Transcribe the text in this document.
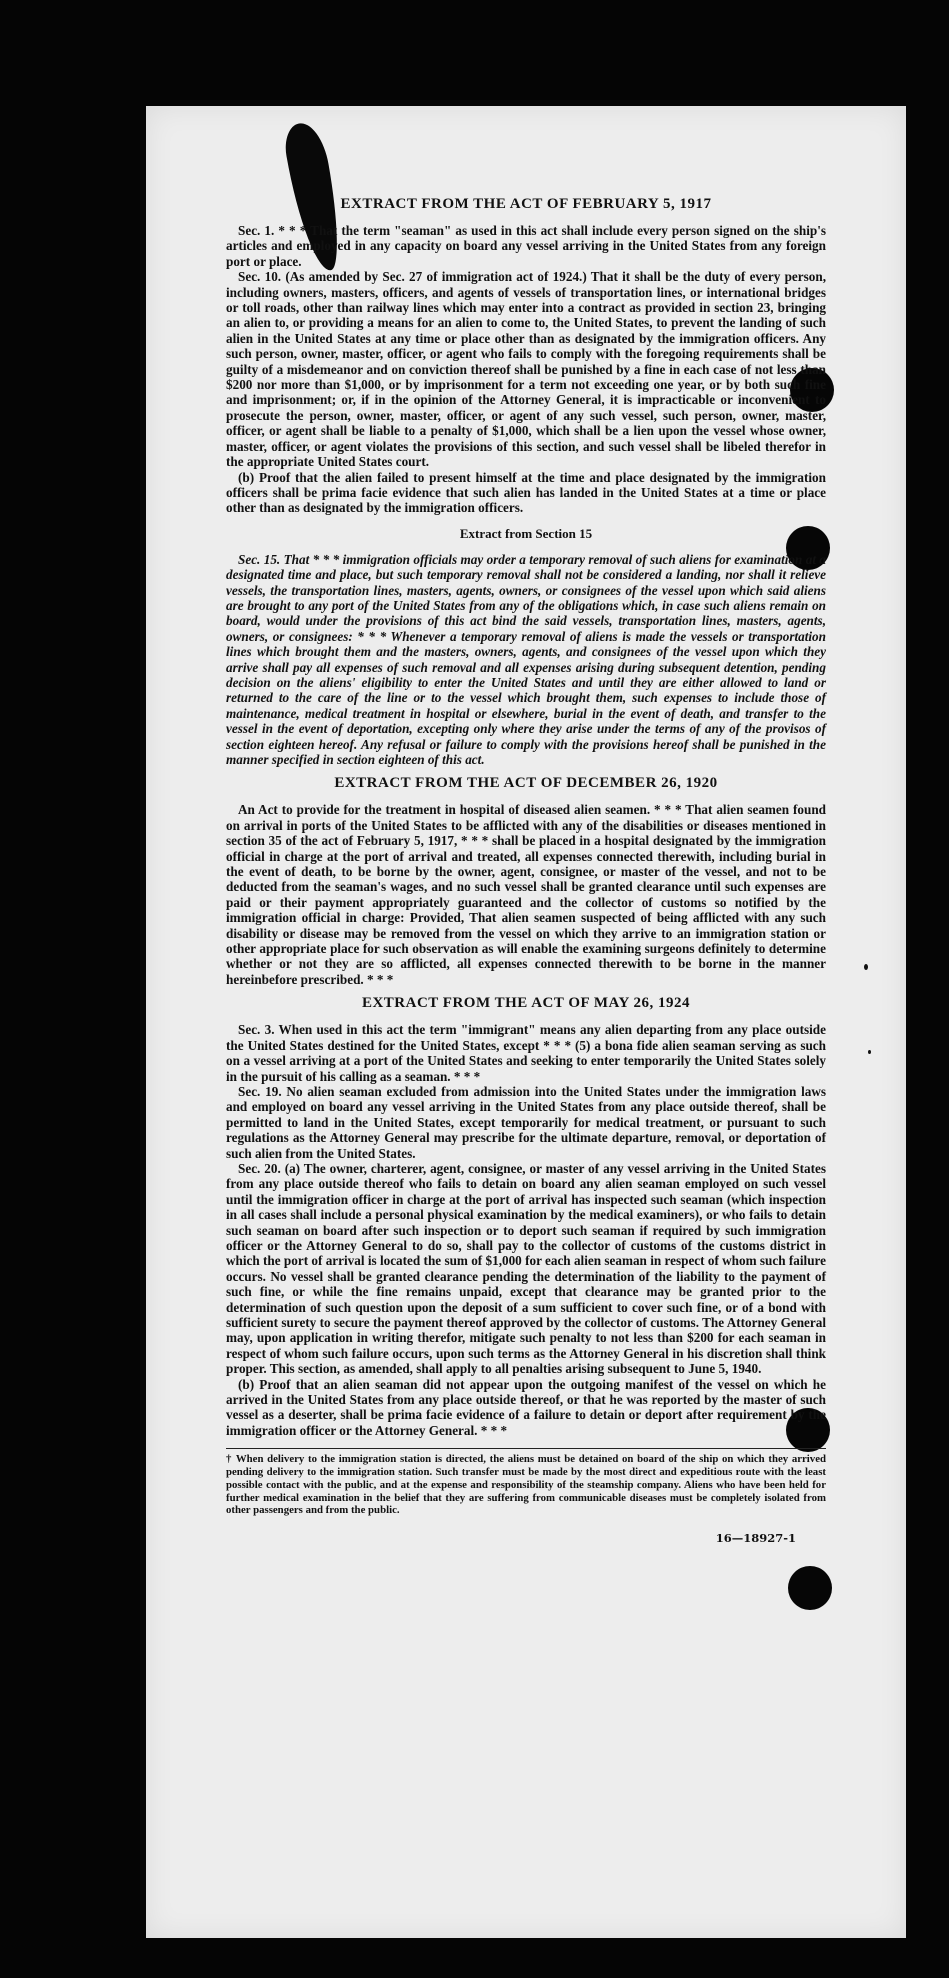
EXTRACT FROM THE ACT OF FEBRUARY 5, 1917

Sec. 1. * * * That the term "seaman" as used in this act shall include every person signed on the ship's articles and employed in any capacity on board any vessel arriving in the United States from any foreign port or place.

Sec. 10. (As amended by Sec. 27 of immigration act of 1924.) That it shall be the duty of every person, including owners, masters, officers, and agents of vessels of transportation lines, or international bridges or toll roads, other than railway lines which may enter into a contract as provided in section 23, bringing an alien to, or providing a means for an alien to come to, the United States, to prevent the landing of such alien in the United States at any time or place other than as designated by the immigration officers. Any such person, owner, master, officer, or agent who fails to comply with the foregoing requirements shall be guilty of a misdemeanor and on conviction thereof shall be punished by a fine in each case of not less than $200 nor more than $1,000, or by imprisonment for a term not exceeding one year, or by both such fine and imprisonment; or, if in the opinion of the Attorney General, it is impracticable or inconvenient to prosecute the person, owner, master, officer, or agent of any such vessel, such person, owner, master, officer, or agent shall be liable to a penalty of $1,000, which shall be a lien upon the vessel whose owner, master, officer, or agent violates the provisions of this section, and such vessel shall be libeled therefor in the appropriate United States court.

(b) Proof that the alien failed to present himself at the time and place designated by the immigration officers shall be prima facie evidence that such alien has landed in the United States at a time or place other than as designated by the immigration officers.

Extract from Section 15

Sec. 15. That * * * immigration officials may order a temporary removal of such aliens for examination at a designated time and place, but such temporary removal shall not be considered a landing, nor shall it relieve vessels, the transportation lines, masters, agents, owners, or consignees of the vessel upon which said aliens are brought to any port of the United States from any of the obligations which, in case such aliens remain on board, would under the provisions of this act bind the said vessels, transportation lines, masters, agents, owners, or consignees: * * * Whenever a temporary removal of aliens is made the vessels or transportation lines which brought them and the masters, owners, agents, and consignees of the vessel upon which they arrive shall pay all expenses of such removal and all expenses arising during subsequent detention, pending decision on the aliens' eligibility to enter the United States and until they are either allowed to land or returned to the care of the line or to the vessel which brought them, such expenses to include those of maintenance, medical treatment in hospital or elsewhere, burial in the event of death, and transfer to the vessel in the event of deportation, excepting only where they arise under the terms of any of the provisos of section eighteen hereof. Any refusal or failure to comply with the provisions hereof shall be punished in the manner specified in section eighteen of this act.

EXTRACT FROM THE ACT OF DECEMBER 26, 1920

An Act to provide for the treatment in hospital of diseased alien seamen. * * * That alien seamen found on arrival in ports of the United States to be afflicted with any of the disabilities or diseases mentioned in section 35 of the act of February 5, 1917, * * * shall be placed in a hospital designated by the immigration official in charge at the port of arrival and treated, all expenses connected therewith, including burial in the event of death, to be borne by the owner, agent, consignee, or master of the vessel, and not to be deducted from the seaman's wages, and no such vessel shall be granted clearance until such expenses are paid or their payment appropriately guaranteed and the collector of customs so notified by the immigration official in charge: Provided, That alien seamen suspected of being afflicted with any such disability or disease may be removed from the vessel on which they arrive to an immigration station or other appropriate place for such observation as will enable the examining surgeons definitely to determine whether or not they are so afflicted, all expenses connected therewith to be borne in the manner hereinbefore prescribed. * * *

EXTRACT FROM THE ACT OF MAY 26, 1924

Sec. 3. When used in this act the term "immigrant" means any alien departing from any place outside the United States destined for the United States, except * * * (5) a bona fide alien seaman serving as such on a vessel arriving at a port of the United States and seeking to enter temporarily the United States solely in the pursuit of his calling as a seaman. * * *

Sec. 19. No alien seaman excluded from admission into the United States under the immigration laws and employed on board any vessel arriving in the United States from any place outside thereof, shall be permitted to land in the United States, except temporarily for medical treatment, or pursuant to such regulations as the Attorney General may prescribe for the ultimate departure, removal, or deportation of such alien from the United States.

Sec. 20. (a) The owner, charterer, agent, consignee, or master of any vessel arriving in the United States from any place outside thereof who fails to detain on board any alien seaman employed on such vessel until the immigration officer in charge at the port of arrival has inspected such seaman (which inspection in all cases shall include a personal physical examination by the medical examiners), or who fails to detain such seaman on board after such inspection or to deport such seaman if required by such immigration officer or the Attorney General to do so, shall pay to the collector of customs of the customs district in which the port of arrival is located the sum of $1,000 for each alien seaman in respect of whom such failure occurs. No vessel shall be granted clearance pending the determination of the liability to the payment of such fine, or while the fine remains unpaid, except that clearance may be granted prior to the determination of such question upon the deposit of a sum sufficient to cover such fine, or of a bond with sufficient surety to secure the payment thereof approved by the collector of customs. The Attorney General may, upon application in writing therefor, mitigate such penalty to not less than $200 for each seaman in respect of whom such failure occurs, upon such terms as the Attorney General in his discretion shall think proper. This section, as amended, shall apply to all penalties arising subsequent to June 5, 1940.

(b) Proof that an alien seaman did not appear upon the outgoing manifest of the vessel on which he arrived in the United States from any place outside thereof, or that he was reported by the master of such vessel as a deserter, shall be prima facie evidence of a failure to detain or deport after requirement by the immigration officer or the Attorney General. * * *

† When delivery to the immigration station is directed, the aliens must be detained on board of the ship on which they arrived pending delivery to the immigration station. Such transfer must be made by the most direct and expeditious route with the least possible contact with the public, and at the expense and responsibility of the steamship company. Aliens who have been held for further medical examination in the belief that they are suffering from communicable diseases must be completely isolated from other passengers and from the public.
16—18927-1
